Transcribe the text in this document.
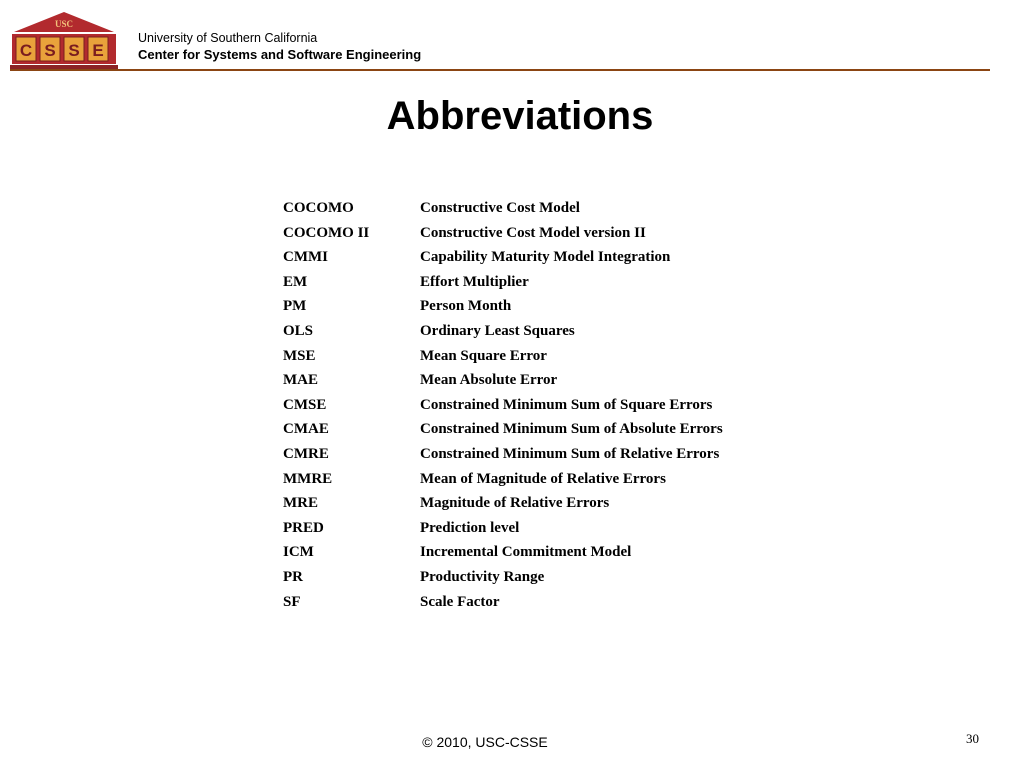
USC
C S S E
University of Southern California
Center for Systems and Software Engineering
Abbreviations
COCOMO	Constructive Cost Model
COCOMO II	Constructive Cost Model version II
CMMI	Capability Maturity Model Integration
EM	Effort Multiplier
PM	Person Month
OLS	Ordinary Least Squares
MSE	Mean Square Error
MAE	Mean Absolute Error
CMSE	Constrained Minimum Sum of Square Errors
CMAE	Constrained Minimum Sum of Absolute Errors
CMRE	Constrained Minimum Sum of Relative Errors
MMRE	Mean of Magnitude of Relative Errors
MRE	Magnitude of Relative Errors
PRED	Prediction level
ICM	Incremental Commitment Model
PR	Productivity Range
SF	Scale Factor
© 2010, USC-CSSE	30
